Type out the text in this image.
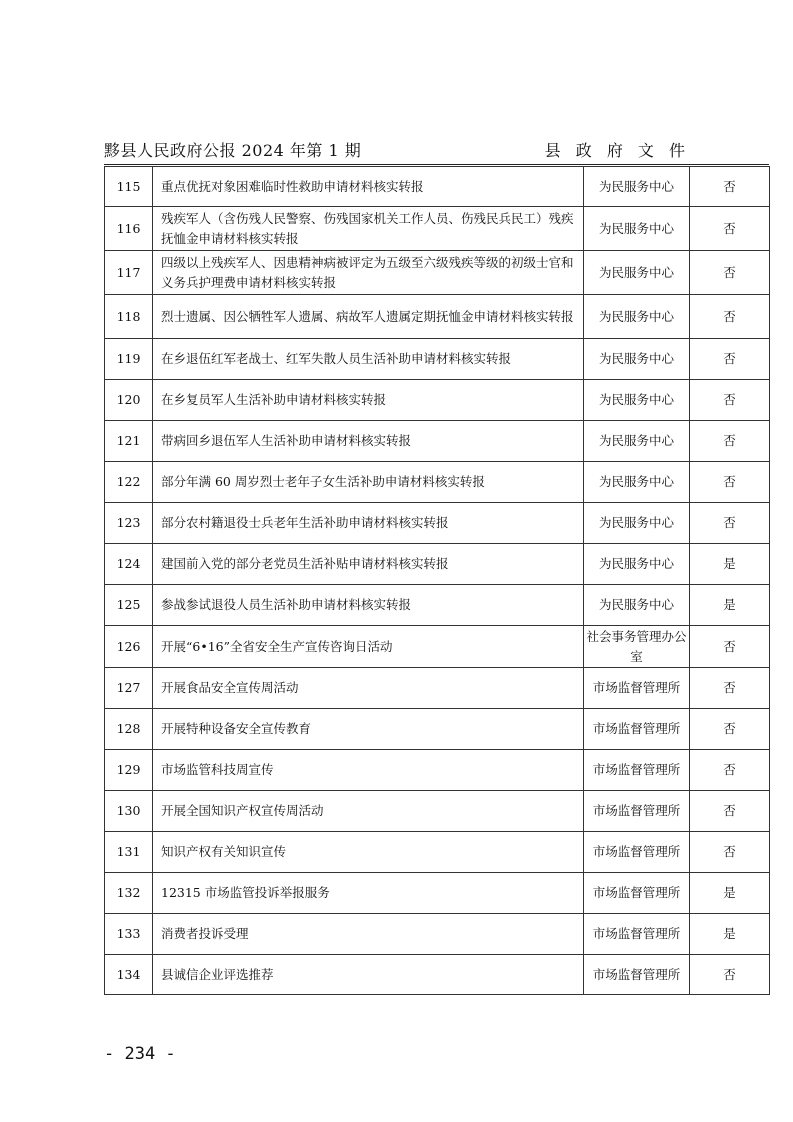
黟县人民政府公报 2024 年第 1 期	县 政 府 文 件
115	重点优抚对象困难临时性救助申请材料核实转报	为民服务中心	否
116	残疾军人（含伤残人民警察、伤残国家机关工作人员、伤残民兵民工）残疾抚恤金申请材料核实转报	为民服务中心	否
117	四级以上残疾军人、因患精神病被评定为五级至六级残疾等级的初级士官和义务兵护理费申请材料核实转报	为民服务中心	否
118	烈士遗属、因公牺牲军人遗属、病故军人遗属定期抚恤金申请材料核实转报	为民服务中心	否
119	在乡退伍红军老战士、红军失散人员生活补助申请材料核实转报	为民服务中心	否
120	在乡复员军人生活补助申请材料核实转报	为民服务中心	否
121	带病回乡退伍军人生活补助申请材料核实转报	为民服务中心	否
122	部分年满 60 周岁烈士老年子女生活补助申请材料核实转报	为民服务中心	否
123	部分农村籍退役士兵老年生活补助申请材料核实转报	为民服务中心	否
124	建国前入党的部分老党员生活补贴申请材料核实转报	为民服务中心	是
125	参战参试退役人员生活补助申请材料核实转报	为民服务中心	是
126	开展“6•16”全省安全生产宣传咨询日活动	社会事务管理办公室	否
127	开展食品安全宣传周活动	市场监督管理所	否
128	开展特种设备安全宣传教育	市场监督管理所	否
129	市场监管科技周宣传	市场监督管理所	否
130	开展全国知识产权宣传周活动	市场监督管理所	否
131	知识产权有关知识宣传	市场监督管理所	否
132	12315 市场监管投诉举报服务	市场监督管理所	是
133	消费者投诉受理	市场监督管理所	是
134	县诚信企业评选推荐	市场监督管理所	否
- 234 -
